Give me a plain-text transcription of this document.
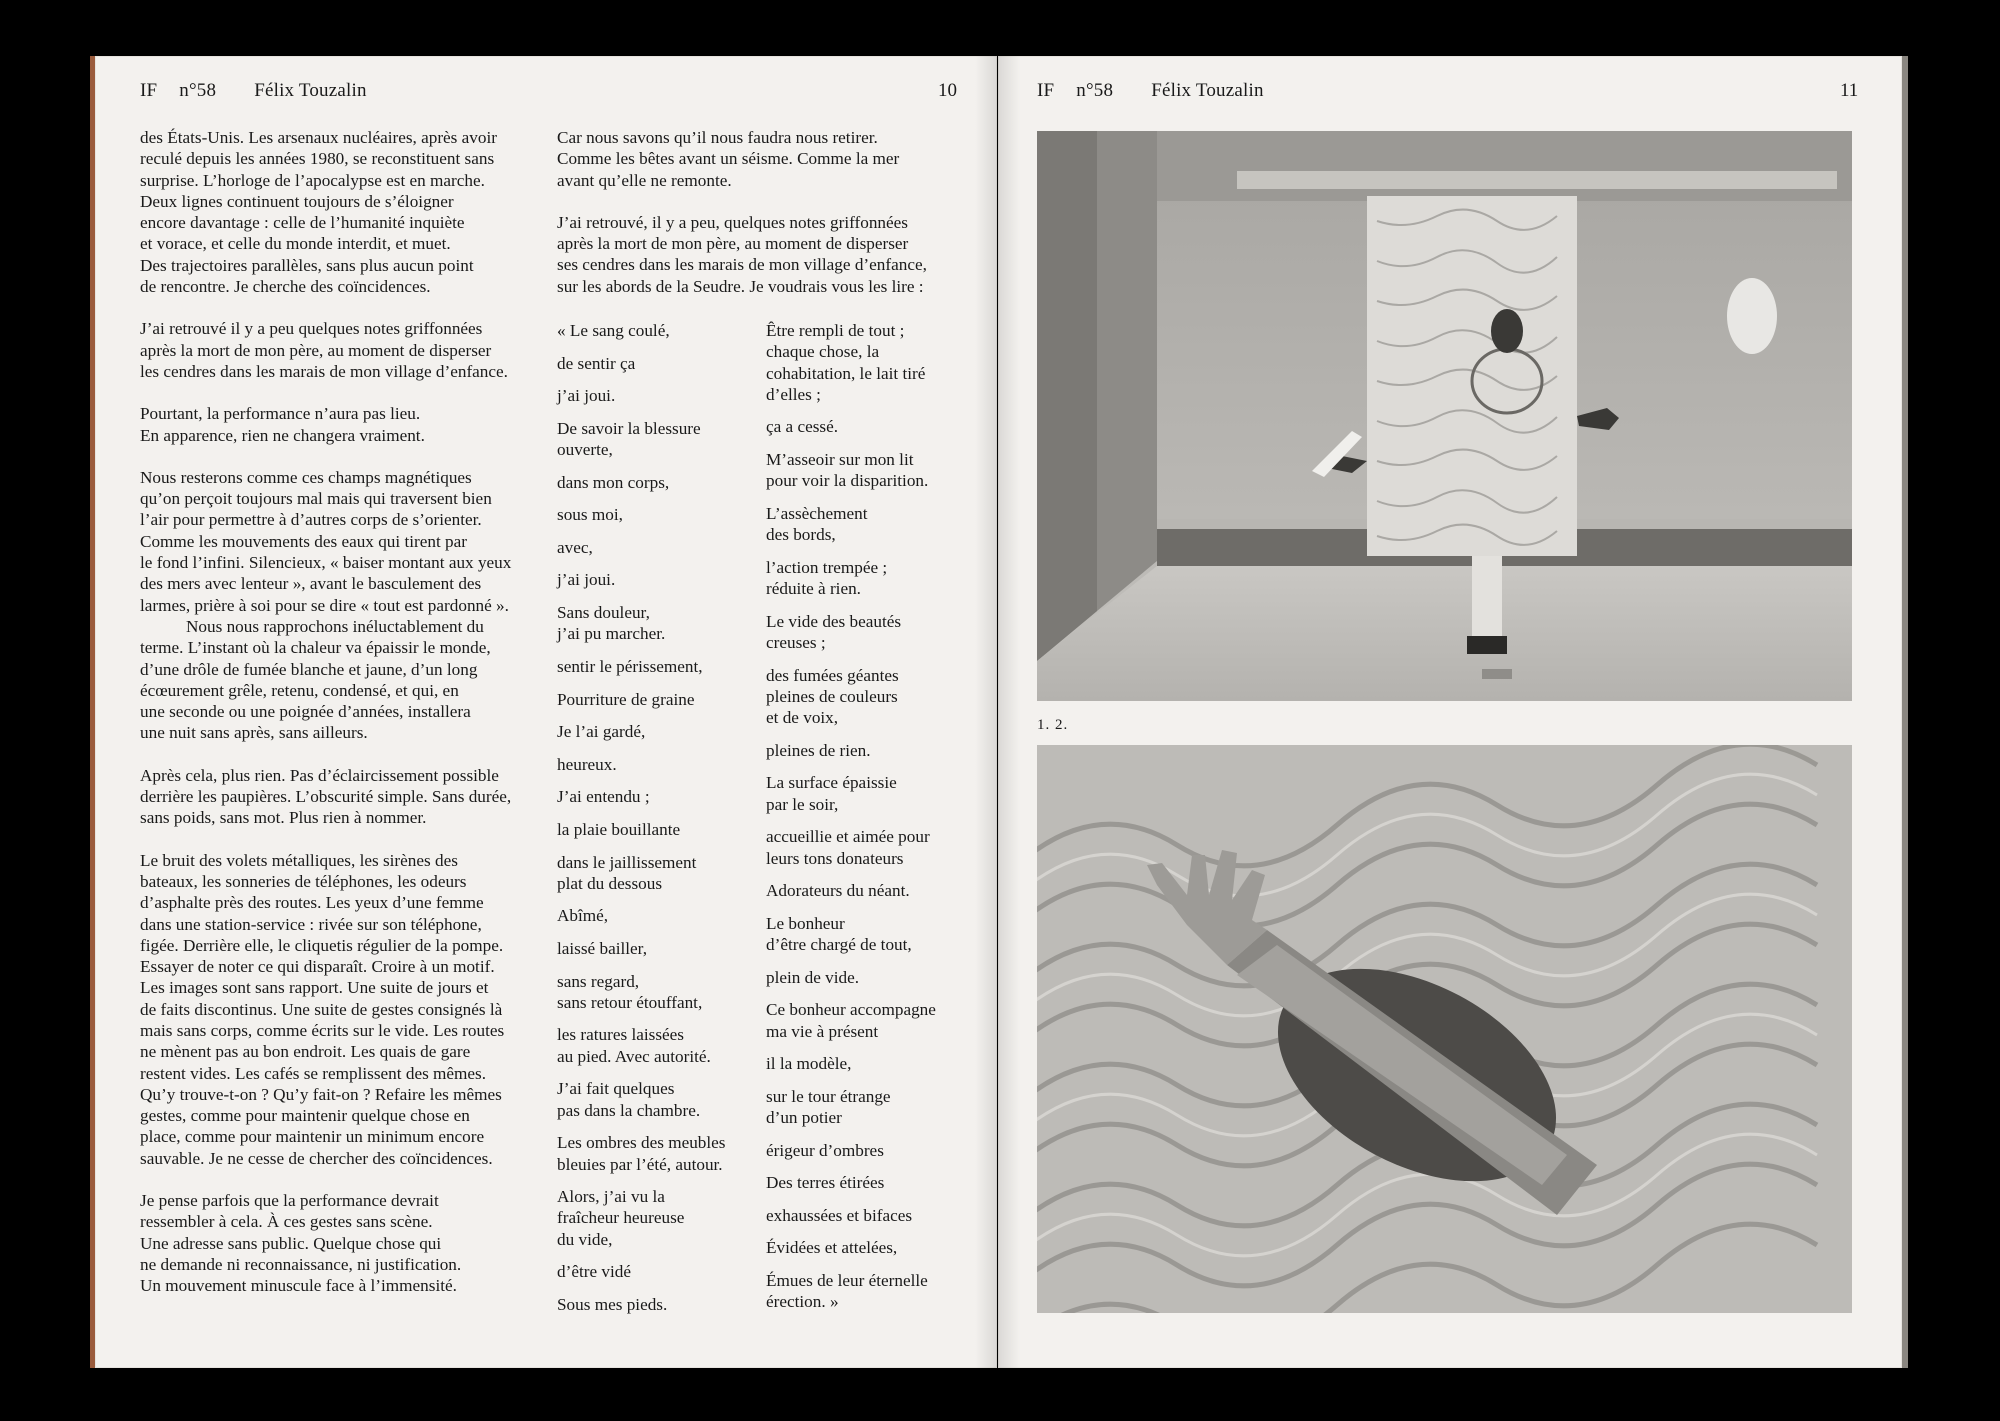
IF n°58 Félix Touzalin	10

des États-Unis. Les arsenaux nucléaires, après avoir
reculé depuis les années 1980, se reconstituent sans
surprise. L’horloge de l’apocalypse est en marche.
Deux lignes continuent toujours de s’éloigner
encore davantage : celle de l’humanité inquiète
et vorace, et celle du monde interdit, et muet.
Des trajectoires parallèles, sans plus aucun point
de rencontre. Je cherche des coïncidences.

J’ai retrouvé il y a peu quelques notes griffonnées
après la mort de mon père, au moment de disperser
les cendres dans les marais de mon village d’enfance.

Pourtant, la performance n’aura pas lieu.
En apparence, rien ne changera vraiment.

Nous resterons comme ces champs magnétiques
qu’on perçoit toujours mal mais qui traversent bien
l’air pour permettre à d’autres corps de s’orienter.
Comme les mouvements des eaux qui tirent par
le fond l’infini. Silencieux, « baiser montant aux yeux
des mers avec lenteur », avant le basculement des
larmes, prière à soi pour se dire « tout est pardonné ».

Nous nous rapprochons inéluctablement du
terme. L’instant où la chaleur va épaissir le monde,
d’une drôle de fumée blanche et jaune, d’un long
écœurement grêle, retenu, condensé, et qui, en
une seconde ou une poignée d’années, installera
une nuit sans après, sans ailleurs.

Après cela, plus rien. Pas d’éclaircissement possible
derrière les paupières. L’obscurité simple. Sans durée,
sans poids, sans mot. Plus rien à nommer.

Le bruit des volets métalliques, les sirènes des
bateaux, les sonneries de téléphones, les odeurs
d’asphalte près des routes. Les yeux d’une femme
dans une station-service : rivée sur son téléphone,
figée. Derrière elle, le cliquetis régulier de la pompe.
Essayer de noter ce qui disparaît. Croire à un motif.
Les images sont sans rapport. Une suite de jours et
de faits discontinus. Une suite de gestes consignés là
mais sans corps, comme écrits sur le vide. Les routes
ne mènent pas au bon endroit. Les quais de gare
restent vides. Les cafés se remplissent des mêmes.
Qu’y trouve-t-on ? Qu’y fait-on ? Refaire les mêmes
gestes, comme pour maintenir quelque chose en
place, comme pour maintenir un minimum encore
sauvable. Je ne cesse de chercher des coïncidences.

Je pense parfois que la performance devrait
ressembler à cela. À ces gestes sans scène.
Une adresse sans public. Quelque chose qui
ne demande ni reconnaissance, ni justification.
Un mouvement minuscule face à l’immensité.

Car nous savons qu’il nous faudra nous retirer.
Comme les bêtes avant un séisme. Comme la mer
avant qu’elle ne remonte.

J’ai retrouvé, il y a peu, quelques notes griffonnées
après la mort de mon père, au moment de disperser
ses cendres dans les marais de mon village d’enfance,
sur les abords de la Seudre. Je voudrais vous les lire :

« Le sang coulé,

de sentir ça

j’ai joui.

De savoir la blessure
ouverte,

dans mon corps,

sous moi,

avec,

j’ai joui.

Sans douleur,
j’ai pu marcher.

sentir le périssement,

Pourriture de graine

Je l’ai gardé,

heureux.

J’ai entendu ;

la plaie bouillante

dans le jaillissement
plat du dessous

Abîmé,

laissé bailler,

sans regard,
sans retour étouffant,

les ratures laissées
au pied. Avec autorité.

J’ai fait quelques
pas dans la chambre.

Les ombres des meubles
bleuies par l’été, autour.

Alors, j’ai vu la
fraîcheur heureuse
du vide,

d’être vidé

Sous mes pieds.

Être rempli de tout ;
chaque chose, la
cohabitation, le lait tiré
d’elles ;

ça a cessé.

M’asseoir sur mon lit
pour voir la disparition.

L’assèchement
des bords,

l’action trempée ;
réduite à rien.

Le vide des beautés
creuses ;

des fumées géantes
pleines de couleurs
et de voix,

pleines de rien.

La surface épaissie
par le soir,

accueillie et aimée pour
leurs tons donateurs

Adorateurs du néant.

Le bonheur
d’être chargé de tout,

plein de vide.

Ce bonheur accompagne
ma vie à présent

il la modèle,

sur le tour étrange
d’un potier

érigeur d’ombres

Des terres étirées

exhaussées et bifaces

Évidées et attelées,

Émues de leur éternelle
érection. »

IF n°58 Félix Touzalin	11
1. 2.
